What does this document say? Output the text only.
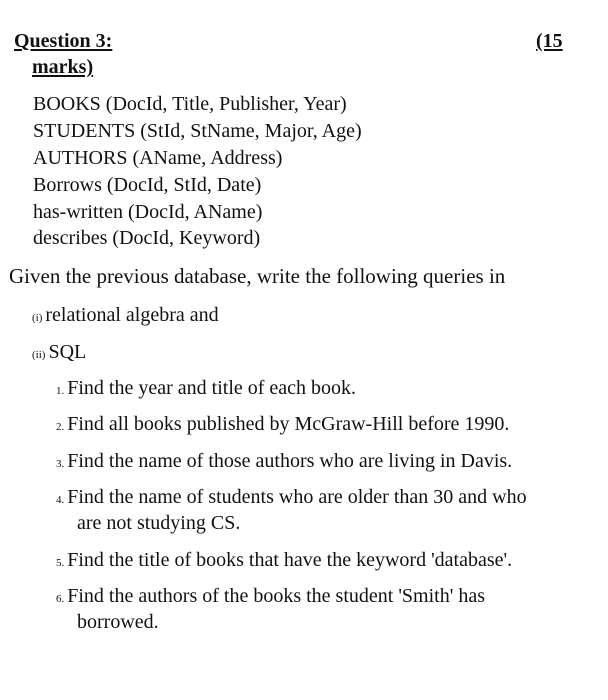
Question 3:	(15
marks)
BOOKS (DocId, Title, Publisher, Year)
STUDENTS (StId, StName, Major, Age)
AUTHORS (AName, Address)
Borrows (DocId, StId, Date)
has-written (DocId, AName)
describes (DocId, Keyword)
Given the previous database, write the following queries in
(i) relational algebra and
(ii) SQL
1. Find the year and title of each book.
2. Find all books published by McGraw-Hill before 1990.
3. Find the name of those authors who are living in Davis.
4. Find the name of students who are older than 30 and who
are not studying CS.
5. Find the title of books that have the keyword 'database'.
6. Find the authors of the books the student 'Smith' has
borrowed.
